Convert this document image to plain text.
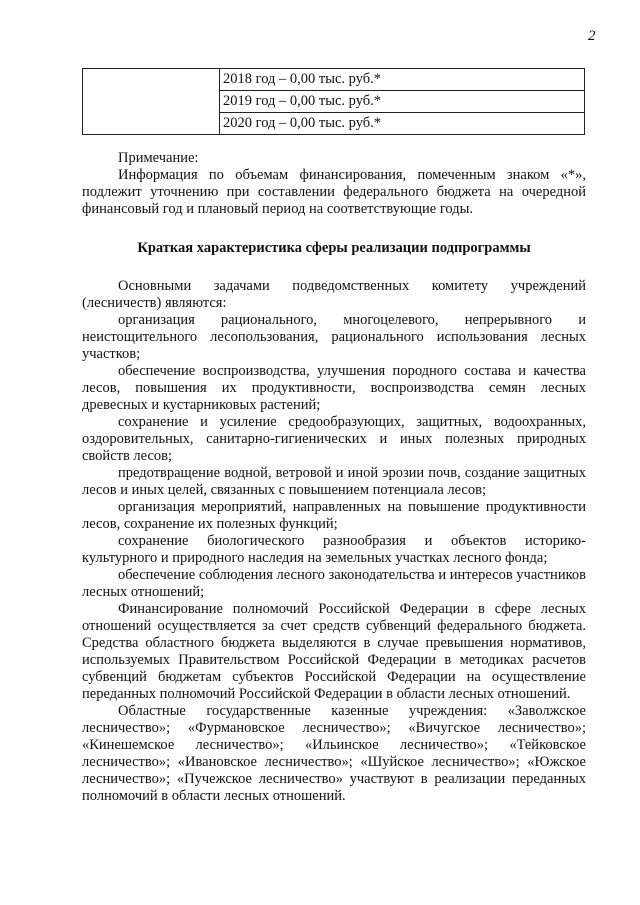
2

2018 год – 0,00 тыс. руб.*
2019 год – 0,00 тыс. руб.*
2020 год – 0,00 тыс. руб.*

Примечание:

Информация по объемам финансирования, помеченным знаком «*», подлежит уточнению при составлении федерального бюджета на очередной финансовый год и плановый период на соответствующие годы.

Краткая характеристика сферы реализации подпрограммы

Основными задачами подведомственных комитету учреждений (лесничеств) являются:

организация рационального, многоцелевого, непрерывного и неистощительного лесопользования, рационального использования лесных участков;

обеспечение воспроизводства, улучшения породного состава и качества лесов, повышения их продуктивности, воспроизводства семян лесных древесных и кустарниковых растений;

сохранение и усиление средообразующих, защитных, водоохранных, оздоровительных, санитарно-гигиенических и иных полезных природных свойств лесов;

предотвращение водной, ветровой и иной эрозии почв, создание защитных лесов и иных целей, связанных с повышением потенциала лесов;

организация мероприятий, направленных на повышение продуктивности лесов, сохранение их полезных функций;

сохранение биологического разнообразия и объектов историко-культурного и природного наследия на земельных участках лесного фонда;

обеспечение соблюдения лесного законодательства и интересов участников лесных отношений;

Финансирование полномочий Российской Федерации в сфере лесных отношений осуществляется за счет средств субвенций федерального бюджета. Средства областного бюджета выделяются в случае превышения нормативов, используемых Правительством Российской Федерации в методиках расчетов субвенций бюджетам субъектов Российской Федерации на осуществление переданных полномочий Российской Федерации в области лесных отношений.

Областные государственные казенные учреждения: «Заволжское лесничество»; «Фурмановское лесничество»; «Вичугское лесничество»; «Кинешемское лесничество»; «Ильинское лесничество»; «Тейковское лесничество»; «Ивановское лесничество»; «Шуйское лесничество»; «Южское лесничество»; «Пучежское лесничество» участвуют в реализации переданных полномочий в области лесных отношений.
